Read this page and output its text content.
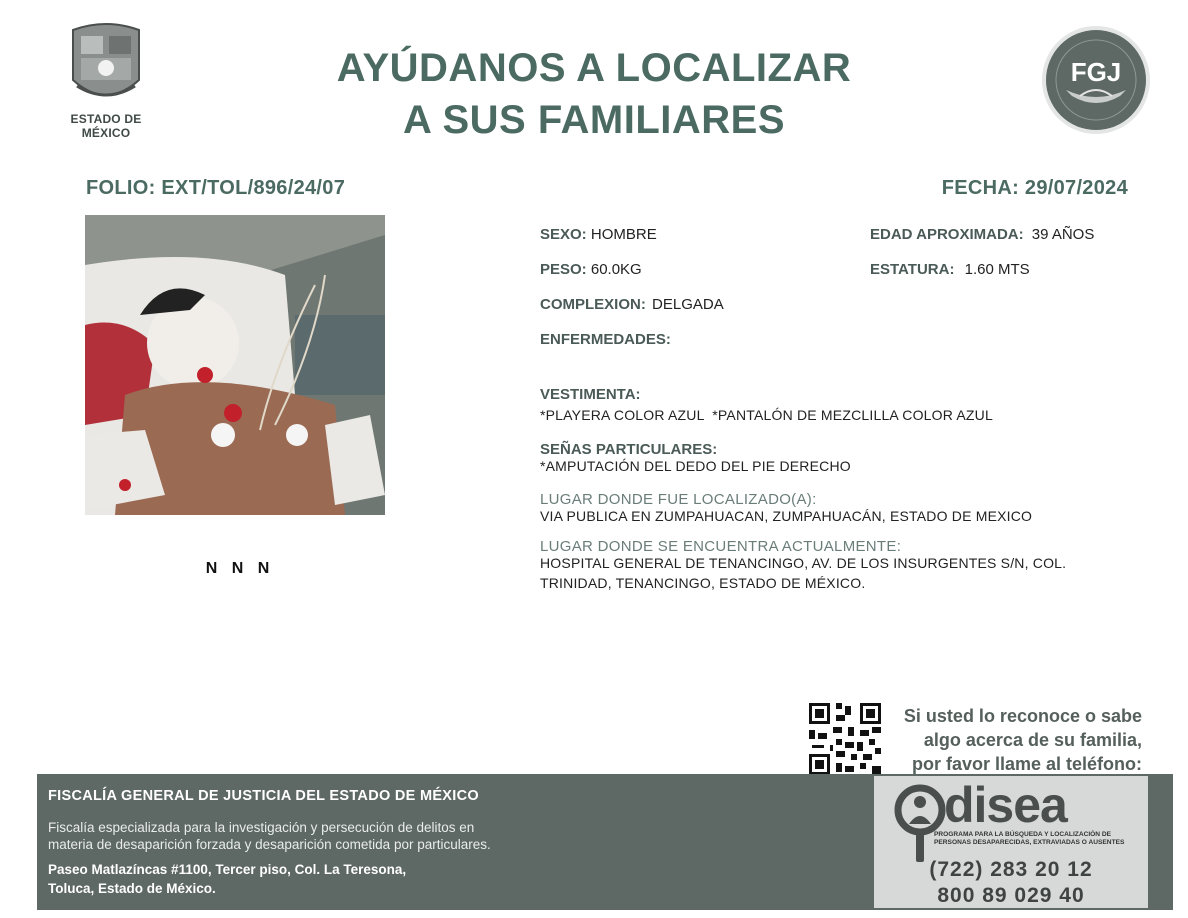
ESTADO DE MÉXICO
AYÚDANOS A LOCALIZAR
A SUS FAMILIARES
FGJ
FOLIO: EXT/TOL/896/24/07	FECHA: 29/07/2024
N N N
SEXO: HOMBRE	EDAD APROXIMADA: 39 AÑOS
PESO: 60.0KG	ESTATURA: 1.60 MTS
COMPLEXION: DELGADA
ENFERMEDADES:
VESTIMENTA:
*PLAYERA COLOR AZUL  *PANTALÓN DE MEZCLILLA COLOR AZUL
SEÑAS PARTICULARES:
*AMPUTACIÓN DEL DEDO DEL PIE DERECHO
LUGAR DONDE FUE LOCALIZADO(A):
VIA PUBLICA EN ZUMPAHUACAN, ZUMPAHUACÁN, ESTADO DE MEXICO
LUGAR DONDE SE ENCUENTRA ACTUALMENTE:
HOSPITAL GENERAL DE TENANCINGO, AV. DE LOS INSURGENTES S/N, COL.
TRINIDAD, TENANCINGO, ESTADO DE MÉXICO.
Si usted lo reconoce o sabe
algo acerca de su familia,
por favor llame al teléfono:
FISCALÍA GENERAL DE JUSTICIA DEL ESTADO DE MÉXICO
Fiscalía especializada para la investigación y persecución de delitos en
materia de desaparición forzada y desaparición cometida por particulares.
Paseo Matlazíncas #1100, Tercer piso, Col. La Teresona,
Toluca, Estado de México.
disea
PROGRAMA PARA LA BÚSQUEDA Y LOCALIZACIÓN DE PERSONAS DESAPARECIDAS, EXTRAVIADAS O AUSENTES
(722) 283 20 12
800 89 029 40
